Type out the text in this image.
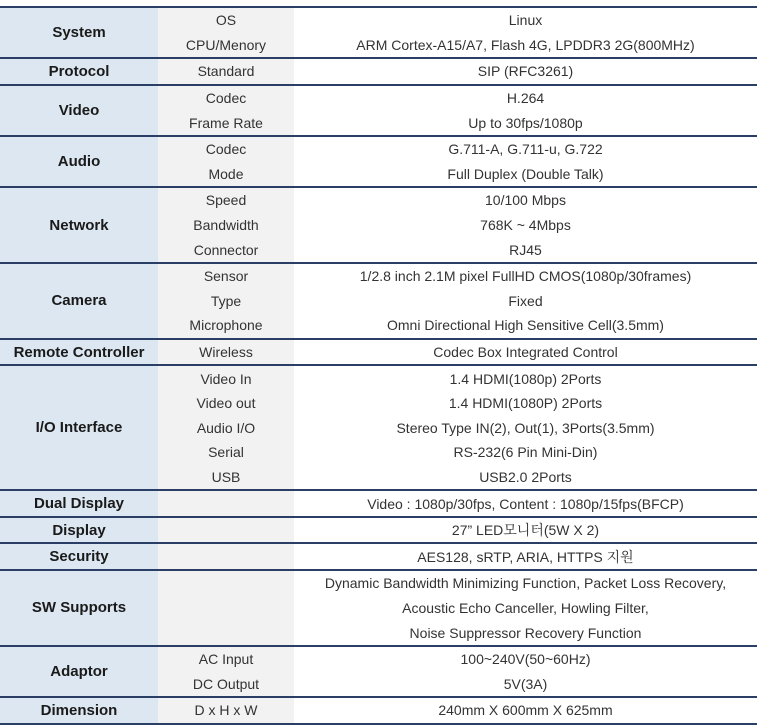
System	OS	Linux
	CPU/Menory	ARM Cortex-A15/A7, Flash 4G, LPDDR3 2G(800MHz)
Protocol	Standard	SIP (RFC3261)
Video	Codec	H.264
	Frame Rate	Up to 30fps/1080p
Audio	Codec	G.711-A, G.711-u, G.722
	Mode	Full Duplex (Double Talk)
Network	Speed	10/100 Mbps
	Bandwidth	768K ~ 4Mbps
	Connector	RJ45
Camera	Sensor	1/2.8 inch 2.1M pixel FullHD CMOS(1080p/30frames)
	Type	Fixed
	Microphone	Omni Directional High Sensitive Cell(3.5mm)
Remote Controller	Wireless	Codec Box Integrated Control
I/O Interface	Video In	1.4 HDMI(1080p) 2Ports
	Video out	1.4 HDMI(1080P) 2Ports
	Audio I/O	Stereo Type IN(2), Out(1), 3Ports(3.5mm)
	Serial	RS-232(6 Pin Mini-Din)
	USB	USB2.0 2Ports
Dual Display		Video : 1080p/30fps, Content : 1080p/15fps(BFCP)
Display		27” LED모니터(5W X 2)
Security		AES128, sRTP, ARIA, HTTPS 지원
SW Supports		Dynamic Bandwidth Minimizing Function, Packet Loss Recovery,
		Acoustic Echo Canceller, Howling Filter,
		Noise Suppressor Recovery Function
Adaptor	AC Input	100~240V(50~60Hz)
	DC Output	5V(3A)
Dimension	D x H x W	240mm X 600mm X 625mm
